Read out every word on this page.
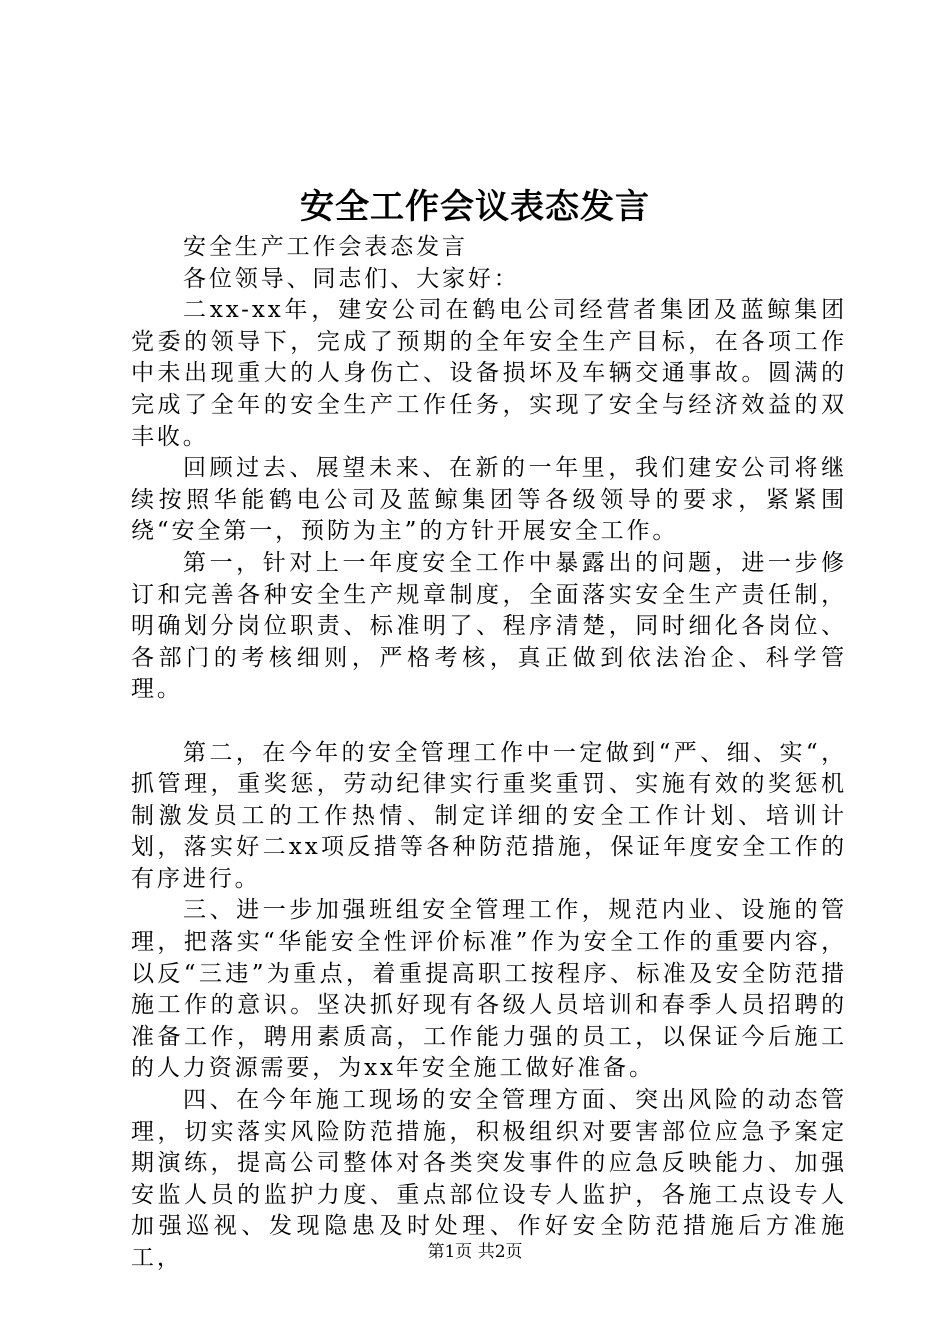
安全工作会议表态发言

安全生产工作会表态发言

各位领导、同志们、大家好：

二xx-xx年，建安公司在鹤电公司经营者集团及蓝鲸集团党委的领导下，完成了预期的全年安全生产目标，在各项工作中未出现重大的人身伤亡、设备损坏及车辆交通事故。圆满的完成了全年的安全生产工作任务，实现了安全与经济效益的双丰收。

回顾过去、展望未来、在新的一年里，我们建安公司将继续按照华能鹤电公司及蓝鲸集团等各级领导的要求，紧紧围绕“安全第一，预防为主”的方针开展安全工作。

第一，针对上一年度安全工作中暴露出的问题，进一步修订和完善各种安全生产规章制度，全面落实安全生产责任制，明确划分岗位职责、标准明了、程序清楚，同时细化各岗位、各部门的考核细则，严格考核，真正做到依法治企、科学管理。

第二，在今年的安全管理工作中一定做到“严、细、实“，抓管理，重奖惩，劳动纪律实行重奖重罚、实施有效的奖惩机制激发员工的工作热情、制定详细的安全工作计划、培训计划，落实好二xx项反措等各种防范措施，保证年度安全工作的有序进行。

三、进一步加强班组安全管理工作，规范内业、设施的管理，把落实“华能安全性评价标准”作为安全工作的重要内容，以反“三违”为重点，着重提高职工按程序、标准及安全防范措施工作的意识。坚决抓好现有各级人员培训和春季人员招聘的准备工作，聘用素质高，工作能力强的员工，以保证今后施工的人力资源需要，为xx年安全施工做好准备。

四、在今年施工现场的安全管理方面、突出风险的动态管理，切实落实风险防范措施，积极组织对要害部位应急予案定期演练，提高公司整体对各类突发事件的应急反映能力、加强安监人员的监护力度、重点部位设专人监护，各施工点设专人加强巡视、发现隐患及时处理、作好安全防范措施后方准施工，	第1页 共2页
